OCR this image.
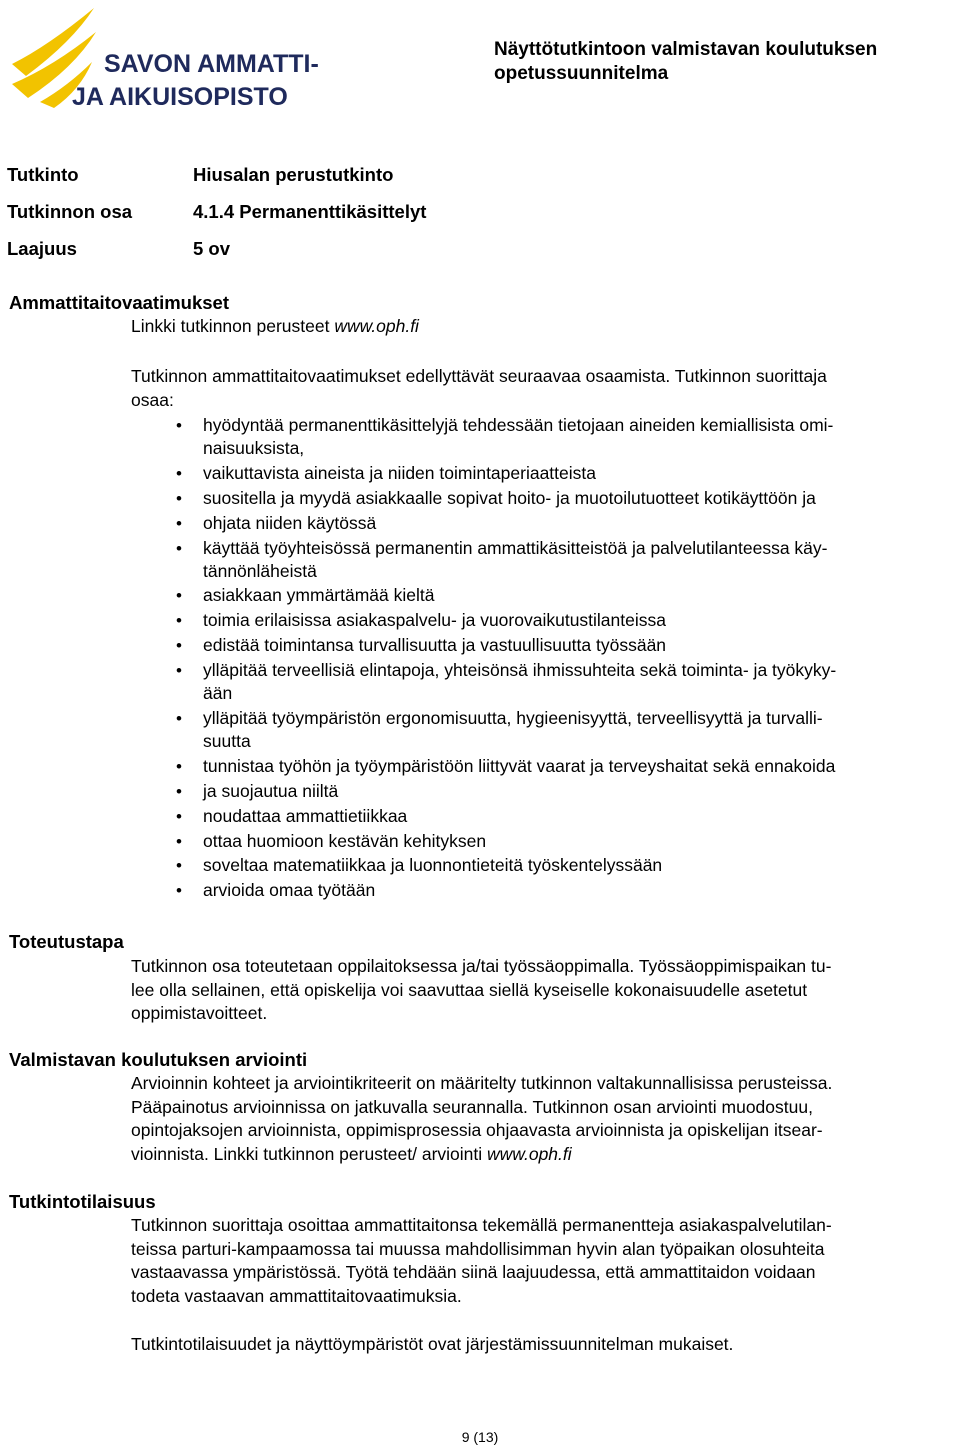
SAVON AMMATTI-
JA AIKUISOPISTO
Näyttötutkintoon valmistavan koulutuksen
opetussuunnitelma
Tutkinto	Hiusalan perustutkinto
Tutkinnon osa	4.1.4 Permanenttikäsittelyt
Laajuus	5 ov
Ammattitaitovaatimukset
Linkki tutkinnon perusteet www.oph.fi
Tutkinnon ammattitaitovaatimukset edellyttävät seuraavaa osaamista. Tutkinnon suorittaja
osaa:
• hyödyntää permanenttikäsittelyjä tehdessään tietojaan aineiden kemiallisista omi-
naisuuksista,
• vaikuttavista aineista ja niiden toimintaperiaatteista
• suositella ja myydä asiakkaalle sopivat hoito- ja muotoilutuotteet kotikäyttöön ja
• ohjata niiden käytössä
• käyttää työyhteisössä permanentin ammattikäsitteistöä ja palvelutilanteessa käy-
tännönläheistä
• asiakkaan ymmärtämää kieltä
• toimia erilaisissa asiakaspalvelu- ja vuorovaikutustilanteissa
• edistää toimintansa turvallisuutta ja vastuullisuutta työssään
• ylläpitää terveellisiä elintapoja, yhteisönsä ihmissuhteita sekä toiminta- ja työkyky-
ään
• ylläpitää työympäristön ergonomisuutta, hygieenisyyttä, terveellisyyttä ja turvalli-
suutta
• tunnistaa työhön ja työympäristöön liittyvät vaarat ja terveyshaitat sekä ennakoida
• ja suojautua niiltä
• noudattaa ammattietiikkaa
• ottaa huomioon kestävän kehityksen
• soveltaa matematiikkaa ja luonnontieteitä työskentelyssään
• arvioida omaa työtään
Toteutustapa
Tutkinnon osa toteutetaan oppilaitoksessa ja/tai työssäoppimalla. Työssäoppimispaikan tu-
lee olla sellainen, että opiskelija voi saavuttaa siellä kyseiselle kokonaisuudelle asetetut
oppimistavoitteet.
Valmistavan koulutuksen arviointi
Arvioinnin kohteet ja arviointikriteerit on määritelty tutkinnon valtakunnallisissa perusteissa.
Pääpainotus arvioinnissa on jatkuvalla seurannalla. Tutkinnon osan arviointi muodostuu,
opintojaksojen arvioinnista, oppimisprosessia ohjaavasta arvioinnista ja opiskelijan itsear-
vioinnista. Linkki tutkinnon perusteet/ arviointi www.oph.fi
Tutkintotilaisuus
Tutkinnon suorittaja osoittaa ammattitaitonsa tekemällä permanentteja asiakaspalvelutilan-
teissa parturi-kampaamossa tai muussa mahdollisimman hyvin alan työpaikan olosuhteita
vastaavassa ympäristössä. Työtä tehdään siinä laajuudessa, että ammattitaidon voidaan
todeta vastaavan ammattitaitovaatimuksia.
Tutkintotilaisuudet ja näyttöympäristöt ovat järjestämissuunnitelman mukaiset.
9 (13)
